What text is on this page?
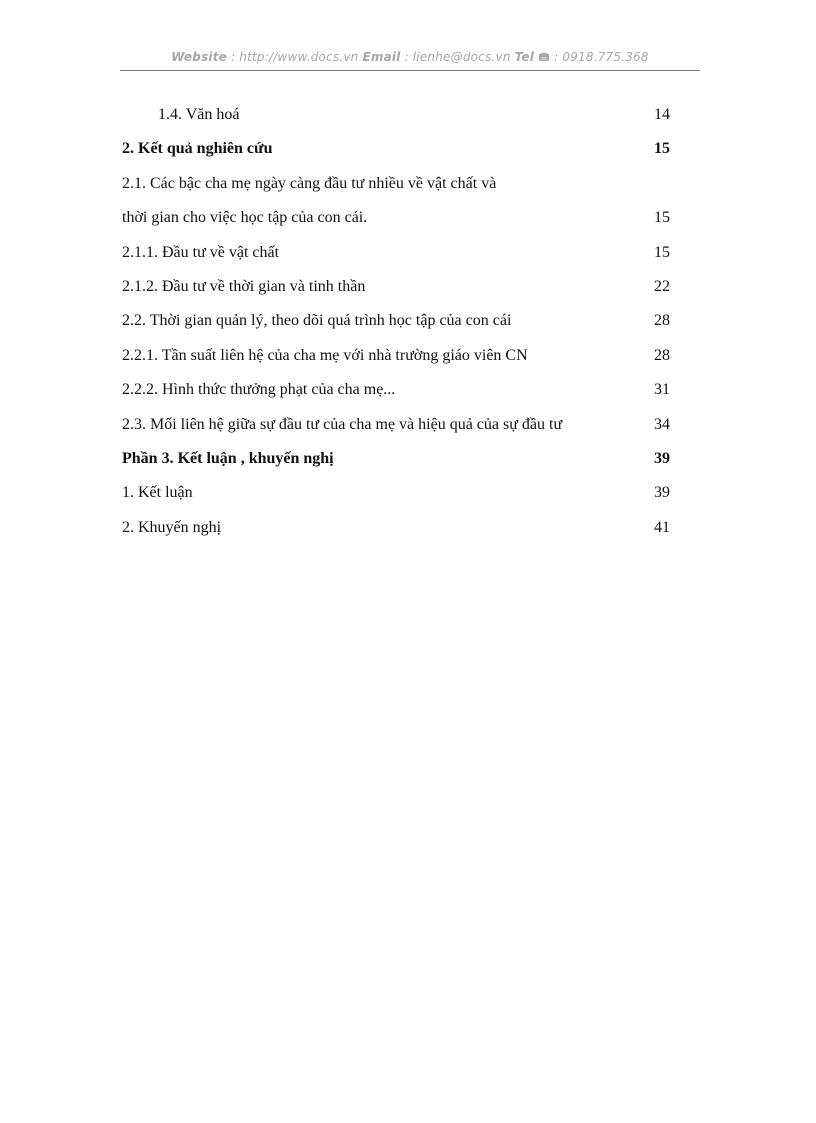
Website : http://www.docs.vn Email : lienhe@docs.vn Tel  : 0918.775.368
1.4. Văn hoá	14
2. Kết quả nghiên cứu	15
2.1. Các bậc cha mẹ ngày càng đầu tư nhiều về vật chất và
thời gian cho việc học tập của con cái.	15
2.1.1. Đầu tư về vật chất	15
2.1.2. Đầu tư về thời gian và tinh thần	22
2.2. Thời gian quản lý, theo dõi quá trình học tập của con cái	28
2.2.1. Tần suất liên hệ của cha mẹ với nhà trường giáo viên CN	28
2.2.2. Hình thức thưởng phạt của cha mẹ...	31
2.3. Mối liên hệ giữa sự đầu tư của cha mẹ và hiệu quả của sự đầu tư	34
Phần 3. Kết luận , khuyến nghị	39
1. Kết luận	39
2. Khuyến nghị	41
